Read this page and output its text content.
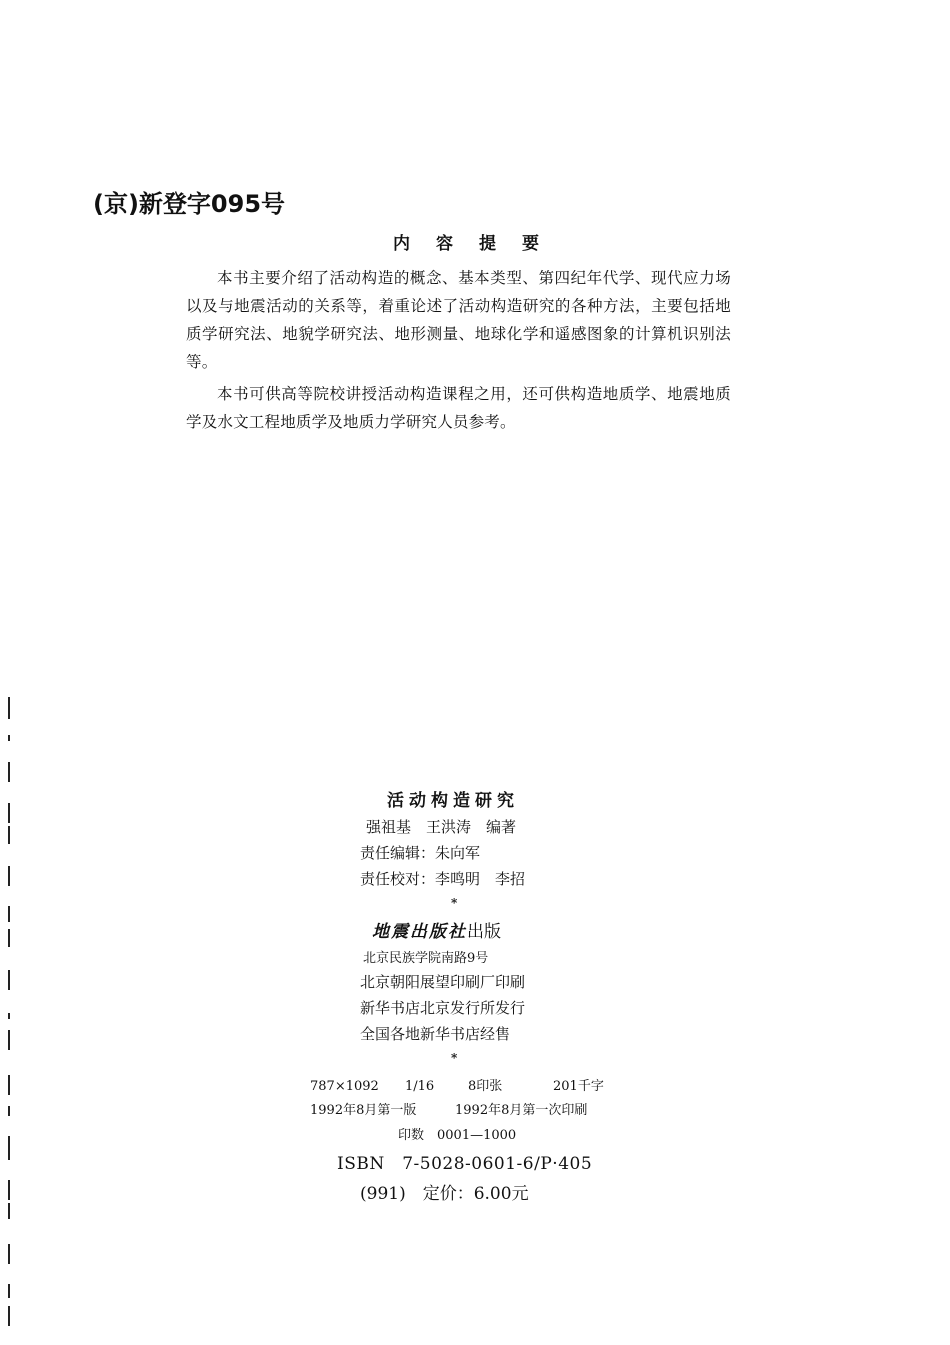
(京)新登字095号
内容提要

本书主要介绍了活动构造的概念、基本类型、第四纪年代学、现代应力场以及与地震活动的关系等，着重论述了活动构造研究的各种方法，主要包括地质学研究法、地貌学研究法、地形测量、地球化学和遥感图象的计算机识别法等。

本书可供高等院校讲授活动构造课程之用，还可供构造地质学、地震地质学及水文工程地质学及地质力学研究人员参考。

活动构造研究
强祖基　王洪涛　编著
责任编辑：朱向军
责任校对：李鸣明　李招
*
地震出版社出版
北京民族学院南路9号
北京朝阳展望印刷厂印刷
新华书店北京发行所发行
全国各地新华书店经售
*
787×1092 1/16	8印张	201千字
1992年8月第一版	1992年8月第一次印刷
印数　0001—1000
ISBN　7-5028-0601-6/P·405
(991)　定价：6.00元
